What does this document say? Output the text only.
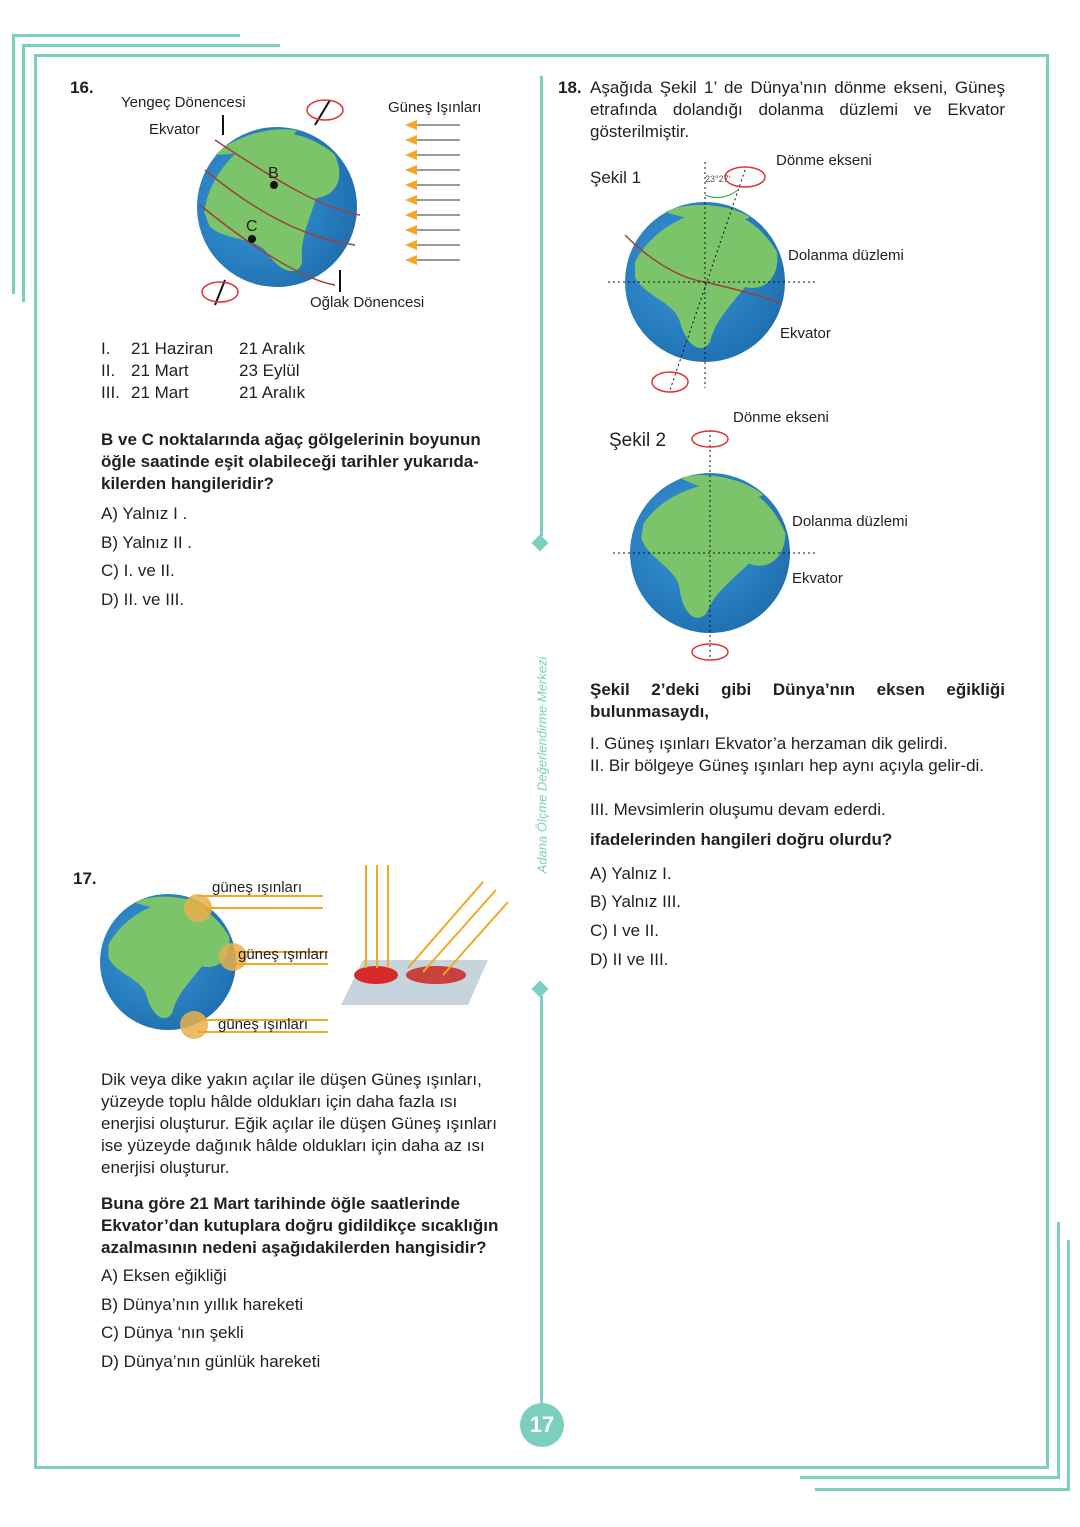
17
Adana Ölçme Değerlendirme Merkezi
16.
Yengeç Dönencesi
Ekvator
Güneş Işınları
Oğlak Dönencesi
B
C
I. 21 Haziran 21 Aralık
II. 21 Mart	23 Eylül
III. 21 Mart	21 Aralık
B ve C noktalarında ağaç gölgelerinin boyunun öğle saatinde eşit olabileceği tarihler yukarıda-kilerden hangileridir?
A) Yalnız I .
B) Yalnız II .
C) I. ve II.
D) II. ve III.
17.	güneş ışınları
güneş ışınları
güneş ışınları
Dik veya dike yakın açılar ile düşen Güneş ışınları, yüzeyde toplu hâlde oldukları için daha fazla ısı enerjisi oluşturur. Eğik açılar ile düşen Güneş ışınları ise yüzeyde dağınık hâlde oldukları için daha az ısı enerjisi oluşturur.
Buna göre 21 Mart tarihinde öğle saatlerinde Ekvator’dan kutuplara doğru gidildikçe sıcaklığın azalmasının nedeni aşağıdakilerden hangisidir?
A) Eksen eğikliği
B) Dünya’nın yıllık hareketi
C) Dünya ‘nın şekli
D) Dünya’nın günlük hareketi
18. Aşağıda Şekil 1’ de Dünya’nın dönme ekseni, Güneş etrafında dolandığı dolanma düzlemi ve Ekvator gösterilmiştir.
Şekil 1	23°27'
Dönme ekseni
Dolanma düzlemi
Ekvator
Şekil 2
Dönme ekseni
Dolanma düzlemi
Ekvator
Şekil 2’deki gibi Dünya’nın eksen eğikliği bulunmasaydı,
I. Güneş ışınları Ekvator’a herzaman dik gelirdi.
II. Bir bölgeye Güneş ışınları hep aynı açıyla gelir-di.
III. Mevsimlerin oluşumu devam ederdi.
ifadelerinden hangileri doğru olurdu?
A) Yalnız I.
B) Yalnız III.
C) I ve II.
D) II ve III.
